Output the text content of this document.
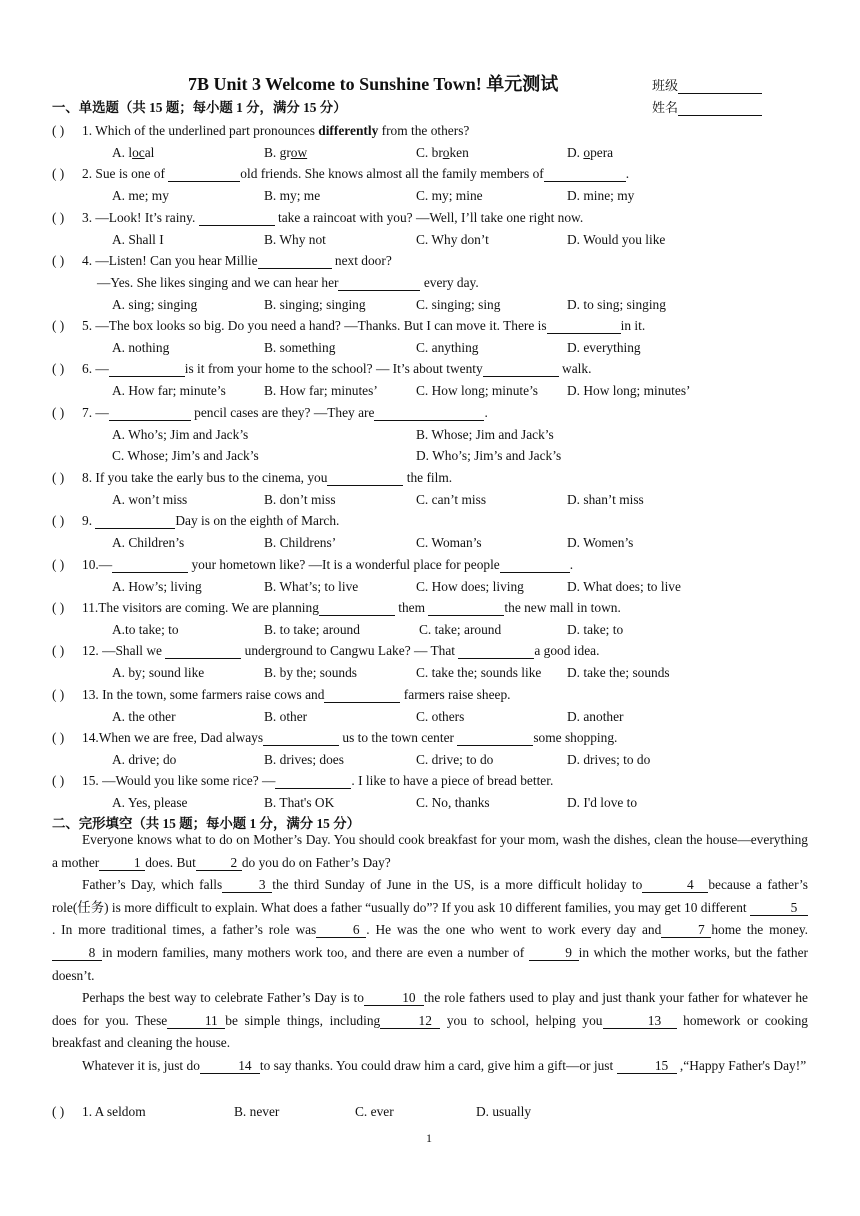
7B Unit 3 Welcome to Sunshine Town! 单元测试	班级
姓名
一、单选题（共 15 题；每小题 1 分，满分 15 分）
( ) 1. Which of the underlined part pronounces differently from the others?
A. local	B. grow	C. broken	D. opera
( ) 2. Sue is one of	old friends. She knows almost all the family members of	.
A. me; my	B. my; me	C. my; mine	D. mine; my
( ) 3. —Look! It’s rainy.	take a raincoat with you? —Well, I’ll take one right now.
A. Shall I	B. Why not	C. Why don’t	D. Would you like
( ) 4. —Listen! Can you hear Millie	next door?
—Yes. She likes singing and we can hear her	every day.
A. sing; singing	B. singing; singing	C. singing; sing	D. to sing; singing
( ) 5. —The box looks so big. Do you need a hand? —Thanks. But I can move it. There is	in it.
A. nothing	B. something	C. anything	D. everything
( ) 6. —	is it from your home to the school? — It’s about twenty	walk.
A. How far; minute’s	B. How far; minutes’	C. How long; minute’s D. How long; minutes’
( ) 7. —	pencil cases are they? —They are	.
A. Who’s; Jim and Jack’s	B. Whose; Jim and Jack’s
C. Whose; Jim’s and Jack’s	D. Who’s; Jim’s and Jack’s
( ) 8. If you take the early bus to the cinema, you	the film.
A. won’t miss	B. don’t miss	C. can’t miss	D. shan’t miss
( ) 9.	Day is on the eighth of March.
A. Children’s	B. Childrens’	C. Woman’s	D. Women’s
( ) 10.—	your hometown like? —It is a wonderful place for people	.
A. How’s; living	B. What’s; to live	C. How does; living	D. What does; to live
( ) 11.The visitors are coming. We are planning	them	the new mall in town.
A.to take; to	B. to take; around	C. take; around	D. take; to
( ) 12. —Shall we	underground to Cangwu Lake? — That	a good idea.
A. by; sound like	B. by the; sounds	C. take the; sounds like D. take the; sounds
( ) 13. In the town, some farmers raise cows and	farmers raise sheep.
A. the other	B. other	C. others	D. another
( ) 14.When we are free, Dad always	us to the town center	some shopping.
A. drive; do	B. drives; does	C. drive; to do	D. drives; to do
( ) 15. —Would you like some rice? —	. I like to have a piece of bread better.
A. Yes, please	B. That's OK	C. No, thanks	D. I'd love to
二、完形填空（共 15 题；每小题 1 分，满分 15 分）

Everyone knows what to do on Mother’s Day. You should cook breakfast for your mom, wash the dishes, clean the house—everything a mother	1 does. But	2 do you do on Father’s Day?

Father’s Day, which falls	3 the third Sunday of June in the US, is a more difficult holiday to	4 because a father’s role(任务) is more difficult to explain. What does a father “usually do”? If you ask 10 different families, you may get 10 different	5. In more traditional times, a father’s role was	6 . He was the one who went to work every day and	7 home the money. 8 in modern families, many mothers work too, and there are even a number of	9 in which the mother works, but the father doesn’t.

Perhaps the best way to celebrate Father’s Day is to	10 the role fathers used to play and just thank your father for whatever he does for you. These	11 be simple things, including	12 you to school, helping you	13 homework or cooking breakfast and cleaning the house.

Whatever it is, just do	14 to say thanks. You could draw him a card, give him a gift—or just	15 ,“Happy Father's Day!”

( ) 1. A seldom	B. never	C. ever	D. usually
1
